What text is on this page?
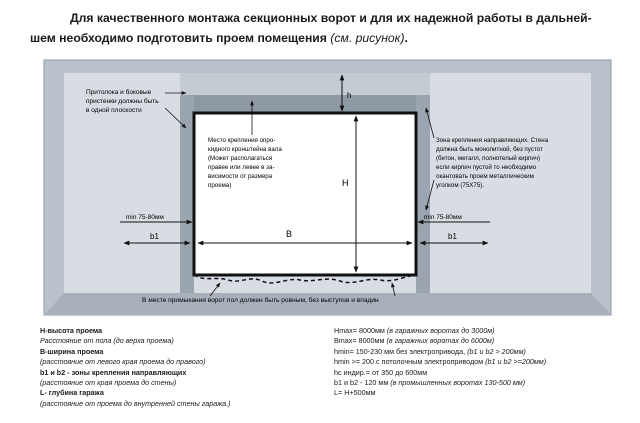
Для качественного монтажа секционных ворот и для их надежной работы в дальней-
шем необходимо подготовить проем помещения (см. рисунок).
h
H
B
b1	b1
min 75-80мм	min 75-80мм
Притолока и боковые
пристенки должны быть
в одной плоскости
Место крепления опро-
кидного кронштейна вала
(Может располагаться
правее или левее в за-
висимости от размера
проема)
Зона крепления направляющих. Стена
должна быть монолитной, без пустот
(бетон, металл, полнотелый кирпич)
если кирпич пустой то необходимо
окантовать проем металлическим
уголком (75Х75).
В месте примыкания ворот пол должен быть ровным, без выступов и впадин
H-высота проема
Расстояние от пола (до верха проема)
B-ширина проема
(расстояние от левого края проема до правого)
b1 и b2 - зоны крепления направляющих
(расстояние от края проема до стены)
L- глубина гаража
(расстояние от проема до внутренней стены гаража.)
Hmax= 8000мм (в гаражных воротах до 3000м)
Bmax= 8000мм (в гаражных воротах до 6000м)
hmin= 150-230 мм без электропривода, (b1 и b2 > 200мм)
hmin >= 200 с потолочным электроприводом (b1 и b2 >=200мм)
hc индир.= от 350 до 600мм
b1 и b2 - 120 мм (в промышленных воротах 130-500 мм)
L= H+500мм
